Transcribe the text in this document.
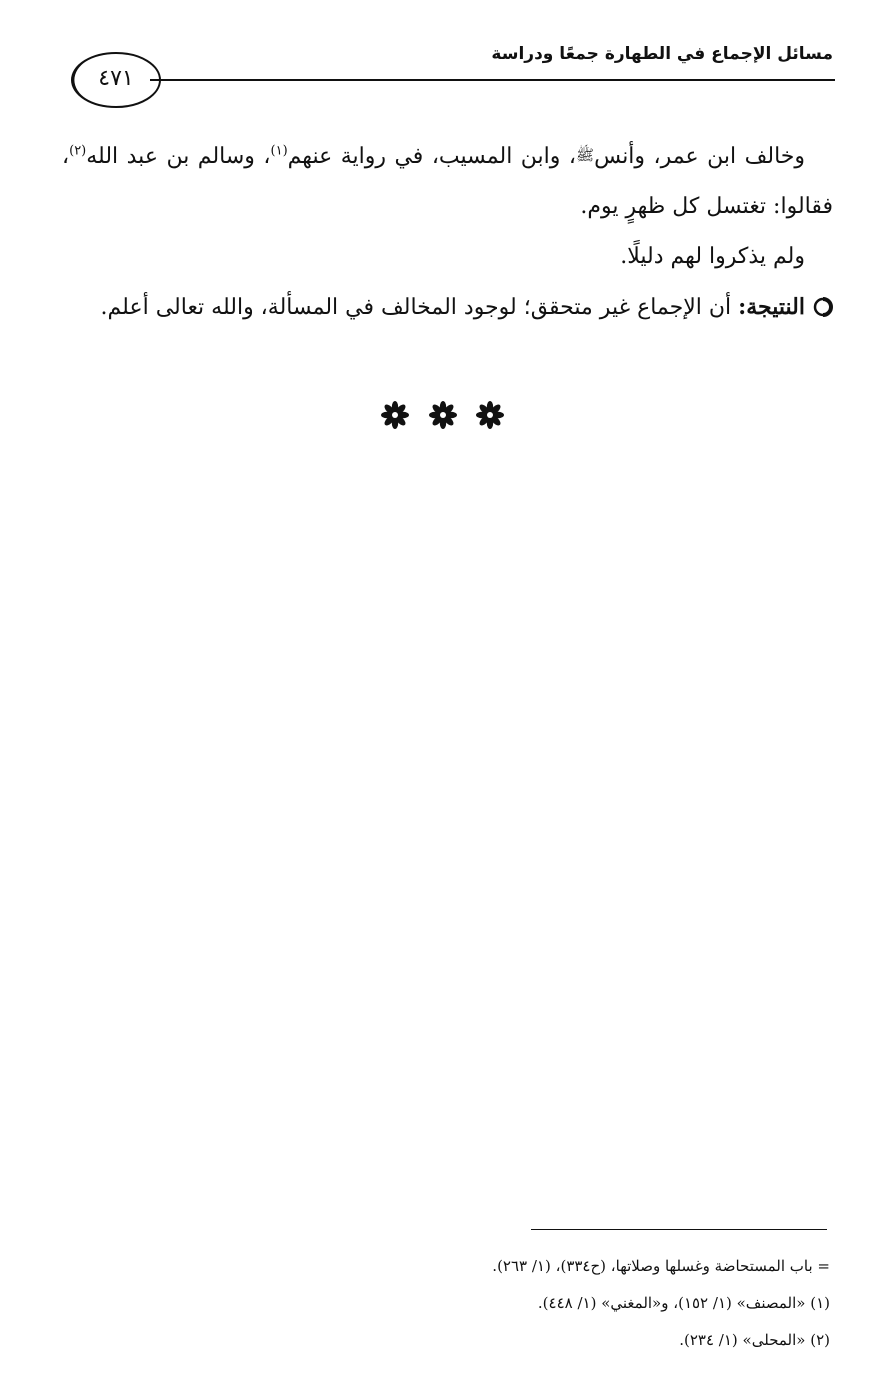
مسائل الإجماع في الطهارة جمعًا ودراسة
٤٧١

وخالف ابن عمر، وأنسﷺ، وابن المسيب، في رواية عنهم$^{(١)}$، وسالم بن عبد الله$^{(٢)}$، فقالوا: تغتسل كل ظهرٍ يوم.

ولم يذكروا لهم دليلًا.

النتيجة: أن الإجماع غير متحقق؛ لوجود المخالف في المسألة، والله تعالى أعلم.

= باب المستحاضة وغسلها وصلاتها، (ح٣٣٤)، (١/ ٢٦٣).
(١) «المصنف» (١/ ١٥٢)، و«المغني» (١/ ٤٤٨).
(٢) «المحلى» (١/ ٢٣٤).
